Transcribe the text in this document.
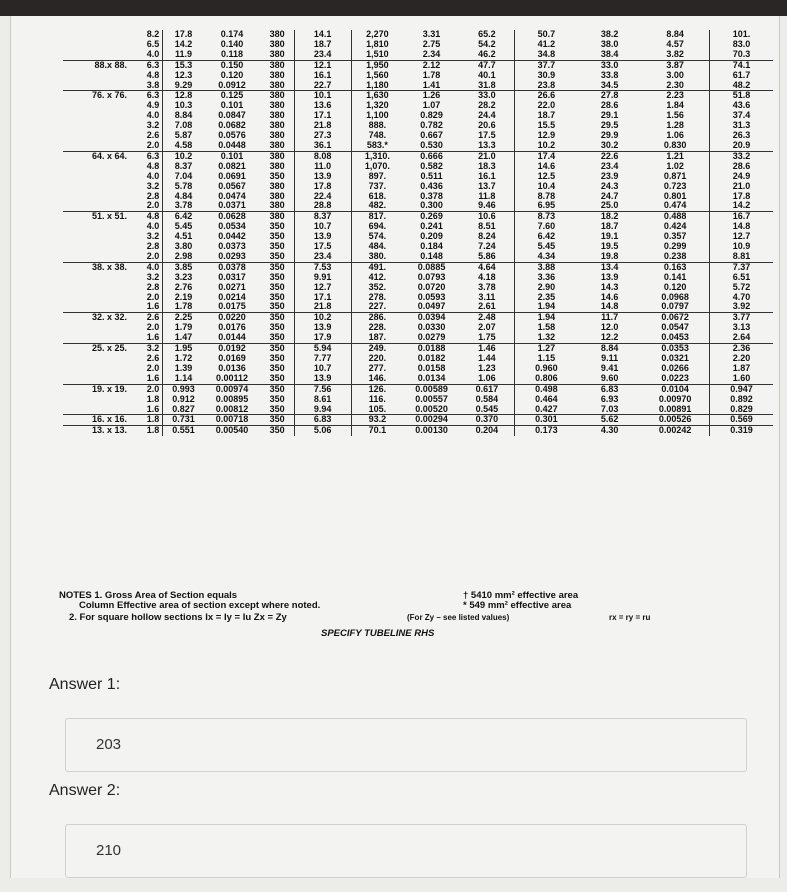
	8.2	17.8	0.174	380	14.1	2,270	3.31	65.2	50.7	38.2	8.84	101.
	6.5	14.2	0.140	380	18.7	1,810	2.75	54.2	41.2	38.0	4.57	83.0
	4.0	11.9	0.118	380	23.4	1,510	2.34	46.2	34.8	38.4	3.82	70.3
88.x 88.	6.3	15.3	0.150	380	12.1	1,950	2.12	47.7	37.7	33.0	3.87	74.1
	4.8	12.3	0.120	380	16.1	1,560	1.78	40.1	30.9	33.8	3.00	61.7
	3.8	9.29	0.0912	380	22.7	1,180	1.41	31.8	23.8	34.5	2.30	48.2
76. x 76.	6.3	12.8	0.125	380	10.1	1,630	1.26	33.0	26.6	27.8	2.23	51.8
	4.9	10.3	0.101	380	13.6	1,320	1.07	28.2	22.0	28.6	1.84	43.6
	4.0	8.84	0.0847	380	17.1	1,100	0.829	24.4	18.7	29.1	1.56	37.4
	3.2	7.08	0.0682	380	21.8	888.	0.782	20.6	15.5	29.5	1.28	31.3
	2.6	5.87	0.0576	380	27.3	748.	0.667	17.5	12.9	29.9	1.06	26.3
	2.0	4.58	0.0448	380	36.1	583.*	0.530	13.3	10.2	30.2	0.830	20.9
64. x 64.	6.3	10.2	0.101	380	8.08	1,310.	0.666	21.0	17.4	22.6	1.21	33.2
	4.8	8.37	0.0821	380	11.0	1,070.	0.582	18.3	14.6	23.4	1.02	28.6
	4.0	7.04	0.0691	350	13.9	897.	0.511	16.1	12.5	23.9	0.871	24.9
	3.2	5.78	0.0567	380	17.8	737.	0.436	13.7	10.4	24.3	0.723	21.0
	2.8	4.84	0.0474	380	22.4	618.	0.378	11.8	8.78	24.7	0.801	17.8
	2.0	3.78	0.0371	380	28.8	482.	0.300	9.46	6.95	25.0	0.474	14.2
51. x 51.	4.8	6.42	0.0628	380	8.37	817.	0.269	10.6	8.73	18.2	0.488	16.7
	4.0	5.45	0.0534	350	10.7	694.	0.241	8.51	7.60	18.7	0.424	14.8
	3.2	4.51	0.0442	350	13.9	574.	0.209	8.24	6.42	19.1	0.357	12.7
	2.8	3.80	0.0373	350	17.5	484.	0.184	7.24	5.45	19.5	0.299	10.9
	2.0	2.98	0.0293	350	23.4	380.	0.148	5.86	4.34	19.8	0.238	8.81
38. x 38.	4.0	3.85	0.0378	350	7.53	491.	0.0885	4.64	3.88	13.4	0.163	7.37
	3.2	3.23	0.0317	350	9.91	412.	0.0793	4.18	3.36	13.9	0.141	6.51
	2.8	2.76	0.0271	350	12.7	352.	0.0720	3.78	2.90	14.3	0.120	5.72
	2.0	2.19	0.0214	350	17.1	278.	0.0593	3.11	2.35	14.6	0.0968	4.70
	1.6	1.78	0.0175	350	21.8	227.	0.0497	2.61	1.94	14.8	0.0797	3.92
32. x 32.	2.6	2.25	0.0220	350	10.2	286.	0.0394	2.48	1.94	11.7	0.0672	3.77
	2.0	1.79	0.0176	350	13.9	228.	0.0330	2.07	1.58	12.0	0.0547	3.13
	1.6	1.47	0.0144	350	17.9	187.	0.0279	1.75	1.32	12.2	0.0453	2.64
25. x 25.	3.2	1.95	0.0192	350	5.94	249.	0.0188	1.46	1.27	8.84	0.0353	2.36
	2.6	1.72	0.0169	350	7.77	220.	0.0182	1.44	1.15	9.11	0.0321	2.20
	2.0	1.39	0.0136	350	10.7	277.	0.0158	1.23	0.960	9.41	0.0266	1.87
	1.6	1.14	0.00112	350	13.9	146.	0.0134	1.06	0.806	9.60	0.0223	1.60
19. x 19.	2.0	0.993	0.00974	350	7.56	126.	0.00589	0.617	0.498	6.83	0.0104	0.947
	1.8	0.912	0.00895	350	8.61	116.	0.00557	0.584	0.464	6.93	0.00970	0.892
	1.6	0.827	0.00812	350	9.94	105.	0.00520	0.545	0.427	7.03	0.00891	0.829
16. x 16.	1.8	0.731	0.00718	350	6.83	93.2	0.00294	0.370	0.301	5.62	0.00526	0.569
13. x 13.	1.8	0.551	0.00540	350	5.06	70.1	0.00130	0.204	0.173	4.30	0.00242	0.319
NOTES 1. Gross Area of Section equals
Column Effective area of section except where noted.
2. For square hollow sections Ix = Iy = Iu Zx = Zy	(For Zy – see listed values)	rx = ry = ru
† 5410 mm² effective area
* 549 mm² effective area
SPECIFY TUBELINE RHS
Answer 1:
203
Answer 2:
210
